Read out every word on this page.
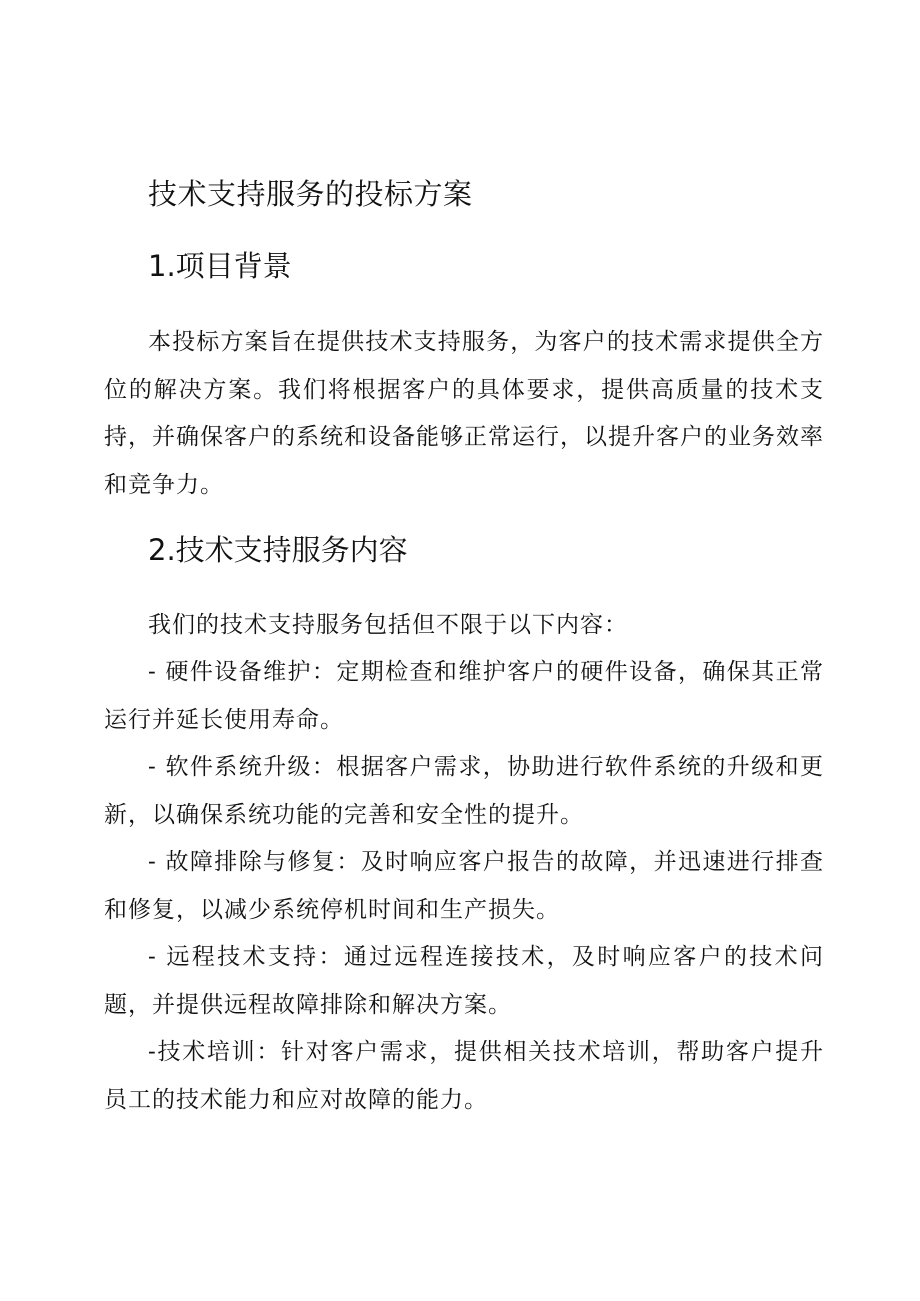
技术支持服务的投标方案
1.项目背景

本投标方案旨在提供技术支持服务，为客户的技术需求提供全方位的解决方案。我们将根据客户的具体要求，提供高质量的技术支持，并确保客户的系统和设备能够正常运行，以提升客户的业务效率和竞争力。

2.技术支持服务内容

我们的技术支持服务包括但不限于以下内容：

- 硬件设备维护：定期检查和维护客户的硬件设备，确保其正常运行并延长使用寿命。
- 软件系统升级：根据客户需求，协助进行软件系统的升级和更新，以确保系统功能的完善和安全性的提升。
- 故障排除与修复：及时响应客户报告的故障，并迅速进行排查和修复，以减少系统停机时间和生产损失。
- 远程技术支持：通过远程连接技术，及时响应客户的技术问题，并提供远程故障排除和解决方案。
-技术培训：针对客户需求，提供相关技术培训，帮助客户提升员工的技术能力和应对故障的能力。
